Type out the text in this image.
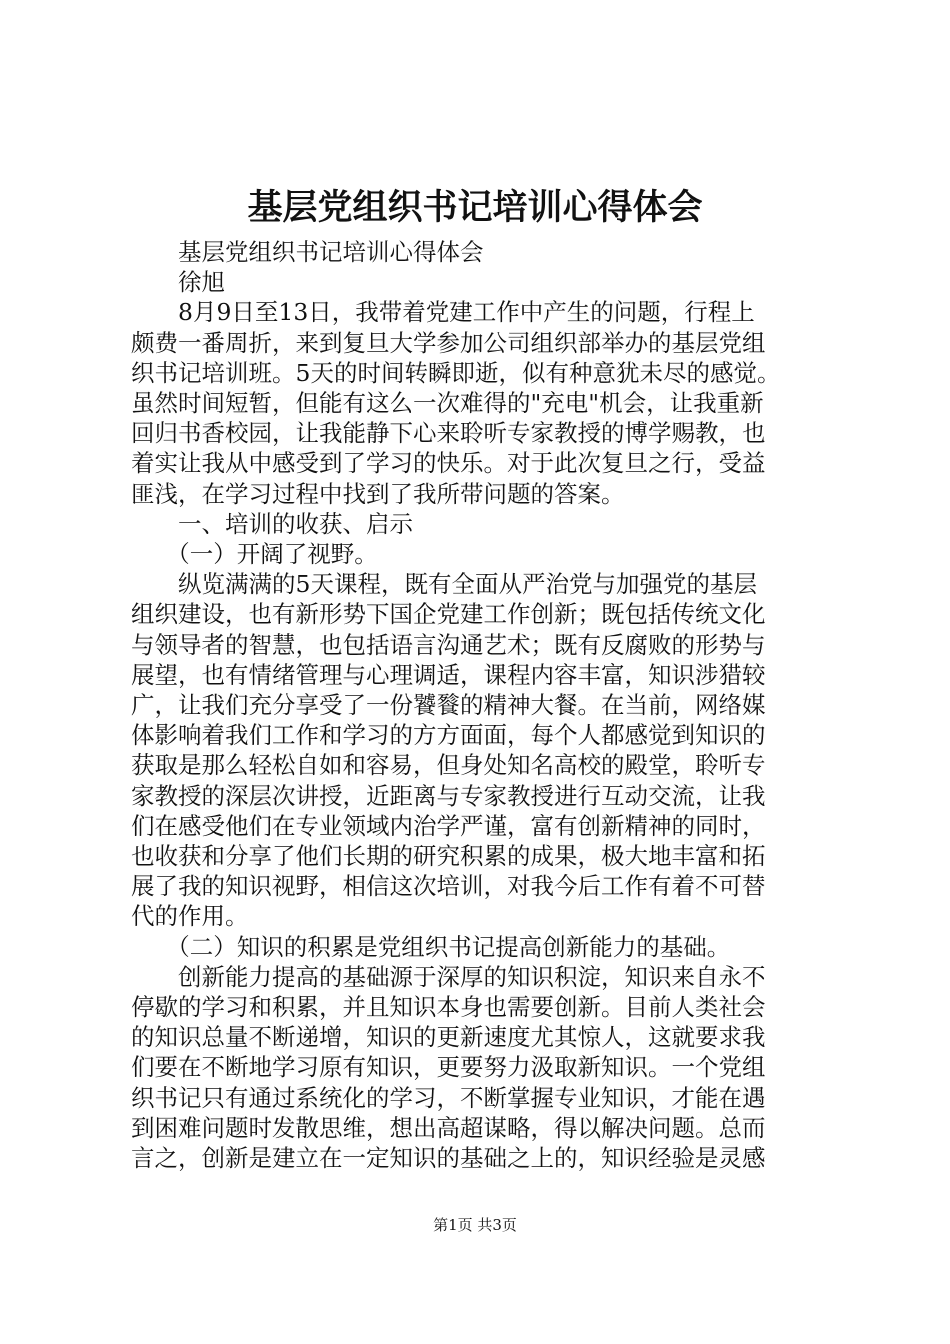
基层党组织书记培训心得体会

　　基层党组织书记培训心得体会

　　徐旭

　　8月9日至13日，我带着党建工作中产生的问题，行程上

颇费一番周折，来到复旦大学参加公司组织部举办的基层党组

织书记培训班。5天的时间转瞬即逝，似有种意犹未尽的感觉。

虽然时间短暂，但能有这么一次难得的"充电"机会，让我重新

回归书香校园，让我能静下心来聆听专家教授的博学赐教，也

着实让我从中感受到了学习的快乐。对于此次复旦之行，受益

匪浅，在学习过程中找到了我所带问题的答案。

　　一、培训的收获、启示

　　（一）开阔了视野。

　　纵览满满的5天课程，既有全面从严治党与加强党的基层

组织建设，也有新形势下国企党建工作创新；既包括传统文化

与领导者的智慧，也包括语言沟通艺术；既有反腐败的形势与

展望，也有情绪管理与心理调适，课程内容丰富，知识涉猎较

广，让我们充分享受了一份饕餮的精神大餐。在当前，网络媒

体影响着我们工作和学习的方方面面，每个人都感觉到知识的

获取是那么轻松自如和容易，但身处知名高校的殿堂，聆听专

家教授的深层次讲授，近距离与专家教授进行互动交流，让我

们在感受他们在专业领域内治学严谨，富有创新精神的同时，

也收获和分享了他们长期的研究积累的成果，极大地丰富和拓

展了我的知识视野，相信这次培训，对我今后工作有着不可替

代的作用。

　　（二）知识的积累是党组织书记提高创新能力的基础。

　　创新能力提高的基础源于深厚的知识积淀，知识来自永不

停歇的学习和积累，并且知识本身也需要创新。目前人类社会

的知识总量不断递增，知识的更新速度尤其惊人，这就要求我

们要在不断地学习原有知识，更要努力汲取新知识。一个党组

织书记只有通过系统化的学习，不断掌握专业知识，才能在遇

到困难问题时发散思维，想出高超谋略，得以解决问题。总而

言之，创新是建立在一定知识的基础之上的，知识经验是灵感

第1页 共3页
